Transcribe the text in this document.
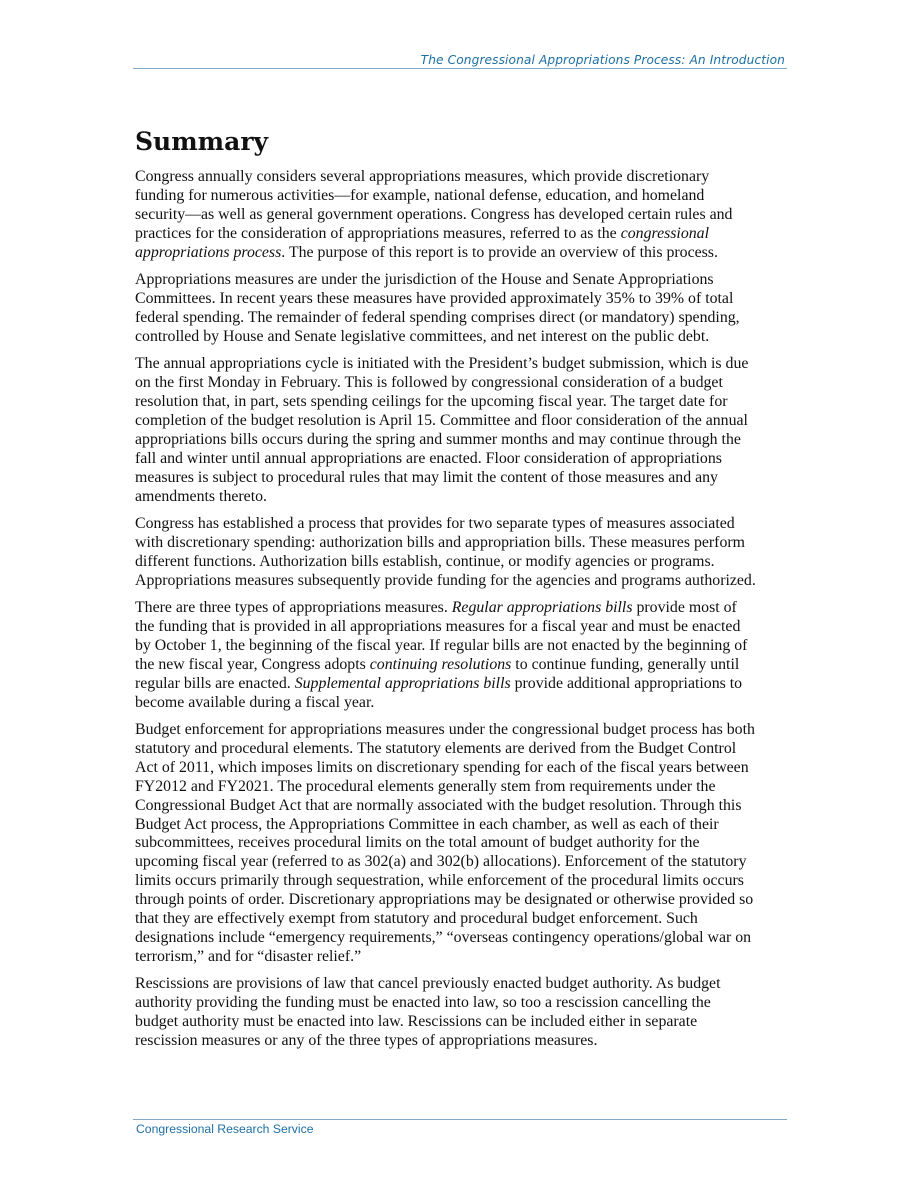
The Congressional Appropriations Process: An Introduction
Summary

Congress annually considers several appropriations measures, which provide discretionary
funding for numerous activities—for example, national defense, education, and homeland
security—as well as general government operations. Congress has developed certain rules and
practices for the consideration of appropriations measures, referred to as the congressional
appropriations process. The purpose of this report is to provide an overview of this process.

Appropriations measures are under the jurisdiction of the House and Senate Appropriations
Committees. In recent years these measures have provided approximately 35% to 39% of total
federal spending. The remainder of federal spending comprises direct (or mandatory) spending,
controlled by House and Senate legislative committees, and net interest on the public debt.

The annual appropriations cycle is initiated with the President’s budget submission, which is due
on the first Monday in February. This is followed by congressional consideration of a budget
resolution that, in part, sets spending ceilings for the upcoming fiscal year. The target date for
completion of the budget resolution is April 15. Committee and floor consideration of the annual
appropriations bills occurs during the spring and summer months and may continue through the
fall and winter until annual appropriations are enacted. Floor consideration of appropriations
measures is subject to procedural rules that may limit the content of those measures and any
amendments thereto.

Congress has established a process that provides for two separate types of measures associated
with discretionary spending: authorization bills and appropriation bills. These measures perform
different functions. Authorization bills establish, continue, or modify agencies or programs.
Appropriations measures subsequently provide funding for the agencies and programs authorized.

There are three types of appropriations measures. Regular appropriations bills provide most of
the funding that is provided in all appropriations measures for a fiscal year and must be enacted
by October 1, the beginning of the fiscal year. If regular bills are not enacted by the beginning of
the new fiscal year, Congress adopts continuing resolutions to continue funding, generally until
regular bills are enacted. Supplemental appropriations bills provide additional appropriations to
become available during a fiscal year.

Budget enforcement for appropriations measures under the congressional budget process has both
statutory and procedural elements. The statutory elements are derived from the Budget Control
Act of 2011, which imposes limits on discretionary spending for each of the fiscal years between
FY2012 and FY2021. The procedural elements generally stem from requirements under the
Congressional Budget Act that are normally associated with the budget resolution. Through this
Budget Act process, the Appropriations Committee in each chamber, as well as each of their
subcommittees, receives procedural limits on the total amount of budget authority for the
upcoming fiscal year (referred to as 302(a) and 302(b) allocations). Enforcement of the statutory
limits occurs primarily through sequestration, while enforcement of the procedural limits occurs
through points of order. Discretionary appropriations may be designated or otherwise provided so
that they are effectively exempt from statutory and procedural budget enforcement. Such
designations include “emergency requirements,” “overseas contingency operations/global war on
terrorism,” and for “disaster relief.”

Rescissions are provisions of law that cancel previously enacted budget authority. As budget
authority providing the funding must be enacted into law, so too a rescission cancelling the
budget authority must be enacted into law. Rescissions can be included either in separate
rescission measures or any of the three types of appropriations measures.

Congressional Research Service
